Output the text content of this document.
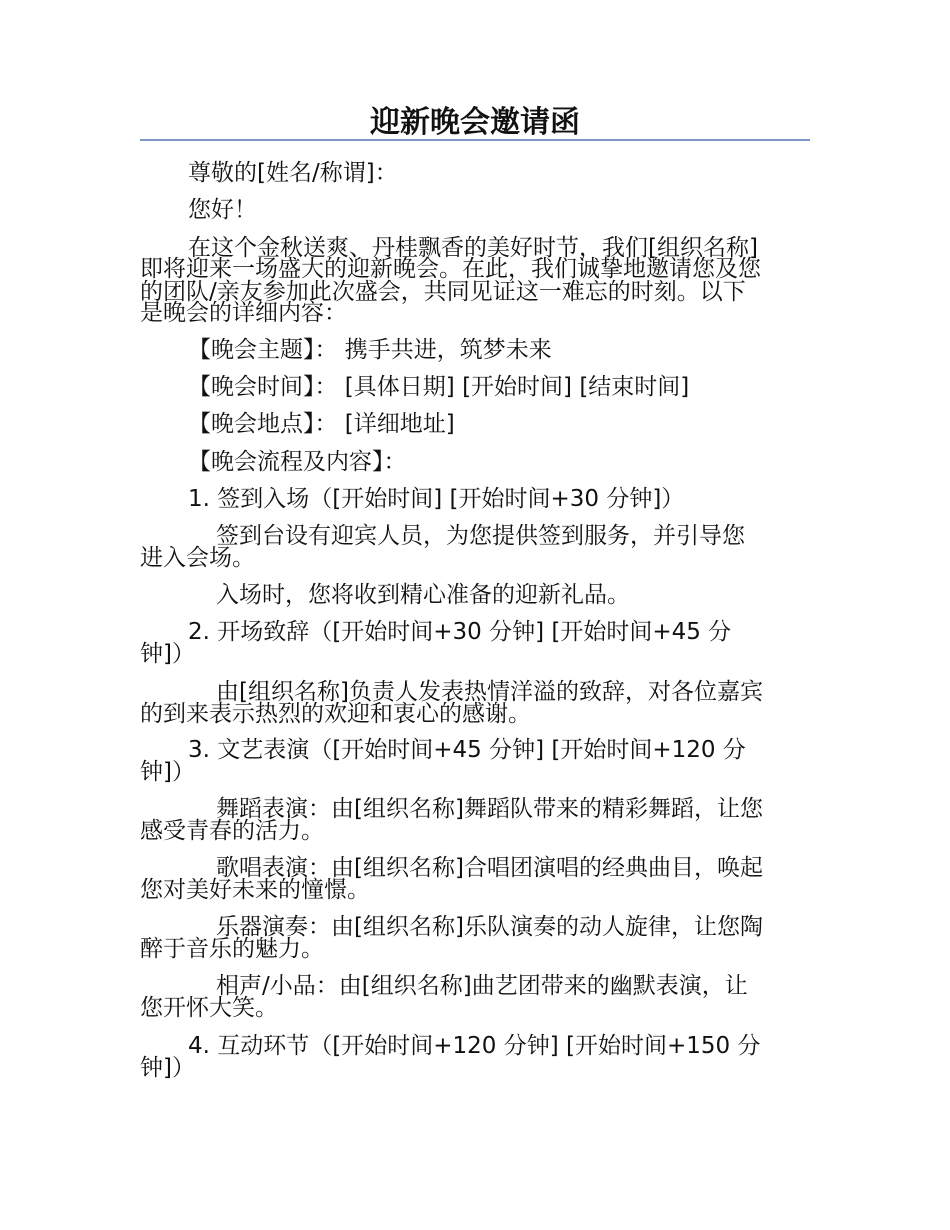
迎新晚会邀请函
尊敬的[姓名/称谓]：
您好！
在这个金秋送爽、丹桂飘香的美好时节，我们[组织名称]
即将迎来一场盛大的迎新晚会。在此，我们诚挚地邀请您及您
的团队/亲友参加此次盛会，共同见证这一难忘的时刻。以下
是晚会的详细内容：
【晚会主题】： 携手共进，筑梦未来
【晚会时间】： [具体日期] [开始时间] [结束时间]
【晚会地点】： [详细地址]
【晚会流程及内容】：
1. 签到入场（[开始时间] [开始时间+30 分钟]）
签到台设有迎宾人员，为您提供签到服务，并引导您
进入会场。
入场时，您将收到精心准备的迎新礼品。
2. 开场致辞（[开始时间+30 分钟] [开始时间+45 分
钟]）
由[组织名称]负责人发表热情洋溢的致辞，对各位嘉宾
的到来表示热烈的欢迎和衷心的感谢。
3. 文艺表演（[开始时间+45 分钟] [开始时间+120 分
钟]）
舞蹈表演：由[组织名称]舞蹈队带来的精彩舞蹈，让您
感受青春的活力。
歌唱表演：由[组织名称]合唱团演唱的经典曲目，唤起
您对美好未来的憧憬。
乐器演奏：由[组织名称]乐队演奏的动人旋律，让您陶
醉于音乐的魅力。
相声/小品：由[组织名称]曲艺团带来的幽默表演，让
您开怀大笑。
4. 互动环节（[开始时间+120 分钟] [开始时间+150 分
钟]）
